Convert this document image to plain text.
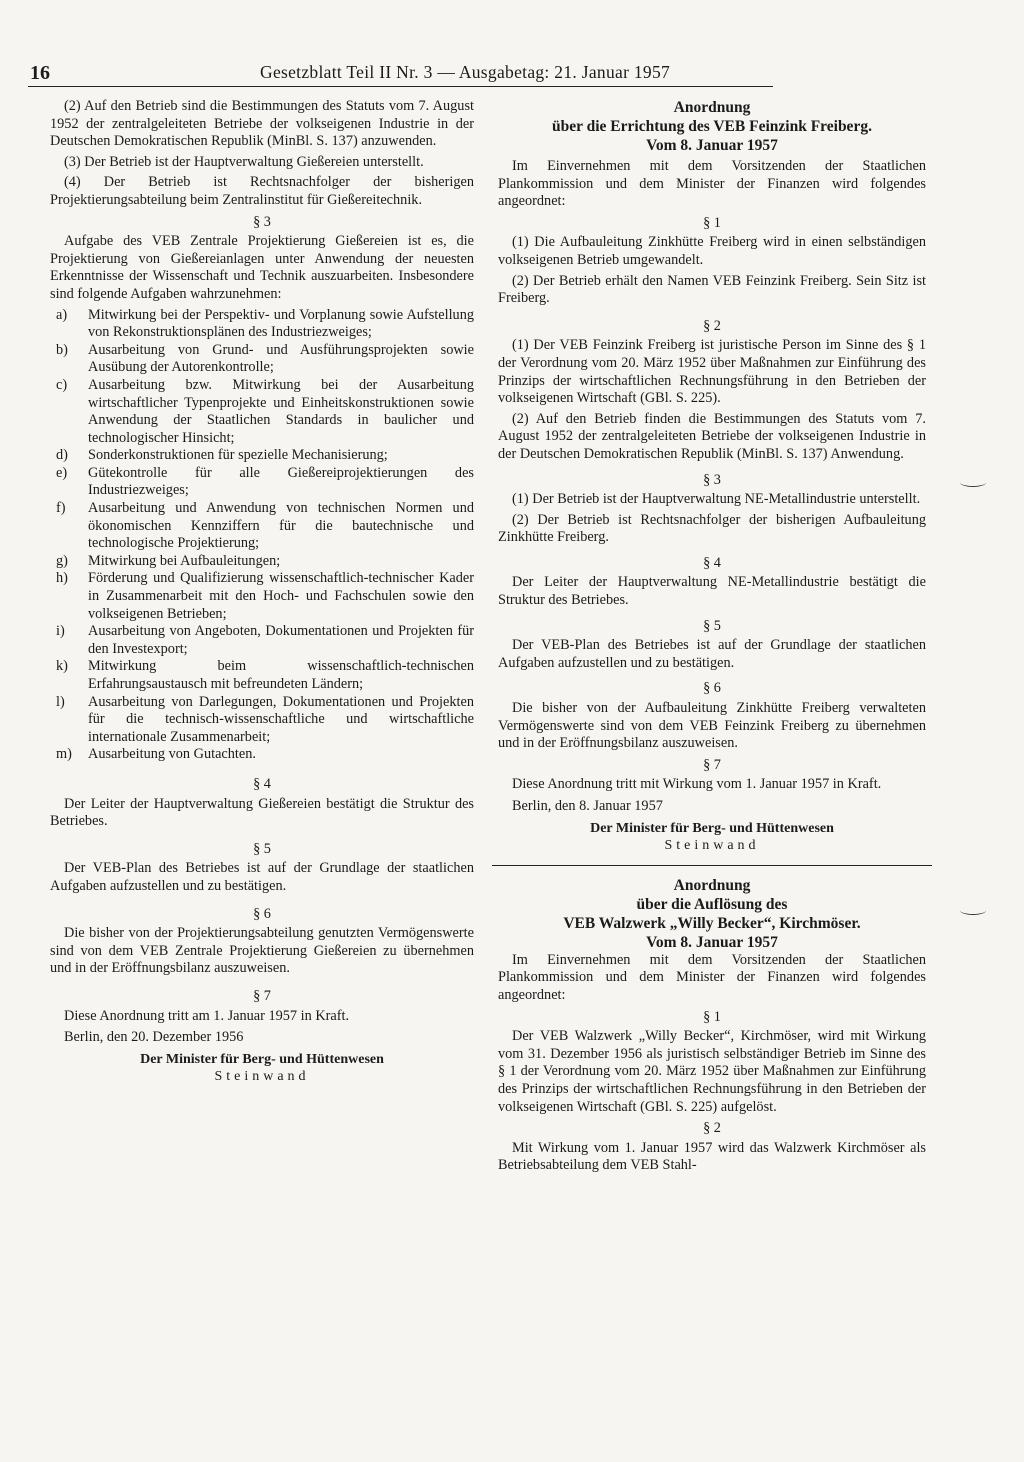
16	Gesetzblatt Teil II Nr. 3 — Ausgabetag: 21. Januar 1957

(2) Auf den Betrieb sind die Bestimmungen des Statuts vom 7. August 1952 der zentralgeleiteten Betriebe der volkseigenen Industrie in der Deutschen Demokratischen Republik (MinBl. S. 137) anzuwenden.

(3) Der Betrieb ist der Hauptverwaltung Gießereien unterstellt.

(4) Der Betrieb ist Rechtsnachfolger der bisherigen Projektierungsabteilung beim Zentralinstitut für Gießereitechnik.

§ 3

Aufgabe des VEB Zentrale Projektierung Gießereien ist es, die Projektierung von Gießereianlagen unter Anwendung der neuesten Erkenntnisse der Wissenschaft und Technik auszuarbeiten. Insbesondere sind folgende Aufgaben wahrzunehmen:

a) Mitwirkung bei der Perspektiv- und Vorplanung sowie Aufstellung von Rekonstruktionsplänen des Industriezweiges;
b) Ausarbeitung von Grund- und Ausführungsprojekten sowie Ausübung der Autorenkontrolle;
c) Ausarbeitung bzw. Mitwirkung bei der Ausarbeitung wirtschaftlicher Typenprojekte und Einheitskonstruktionen sowie Anwendung der Staatlichen Standards in baulicher und technologischer Hinsicht;
d) Sonderkonstruktionen für spezielle Mechanisierung;
e) Gütekontrolle für alle Gießereiprojektierungen des Industriezweiges;
f) Ausarbeitung und Anwendung von technischen Normen und ökonomischen Kennziffern für die bautechnische und technologische Projektierung;
g) Mitwirkung bei Aufbauleitungen;
h) Förderung und Qualifizierung wissenschaftlich-technischer Kader in Zusammenarbeit mit den Hoch- und Fachschulen sowie den volkseigenen Betrieben;
i) Ausarbeitung von Angeboten, Dokumentationen und Projekten für den Investexport;
k) Mitwirkung beim wissenschaftlich-technischen Erfahrungsaustausch mit befreundeten Ländern;
l) Ausarbeitung von Darlegungen, Dokumentationen und Projekten für die technisch-wissenschaftliche und wirtschaftliche internationale Zusammenarbeit;
m) Ausarbeitung von Gutachten.
§ 4

Der Leiter der Hauptverwaltung Gießereien bestätigt die Struktur des Betriebes.

§ 5

Der VEB-Plan des Betriebes ist auf der Grundlage der staatlichen Aufgaben aufzustellen und zu bestätigen.

§ 6

Die bisher von der Projektierungsabteilung genutzten Vermögenswerte sind von dem VEB Zentrale Projektierung Gießereien zu übernehmen und in der Eröffnungsbilanz auszuweisen.

§ 7

Diese Anordnung tritt am 1. Januar 1957 in Kraft.

Berlin, den 20. Dezember 1956

Der Minister für Berg- und Hüttenwesen
Steinwand
Anordnung
über die Errichtung des VEB Feinzink Freiberg.
Vom 8. Januar 1957

Im Einvernehmen mit dem Vorsitzenden der Staatlichen Plankommission und dem Minister der Finanzen wird folgendes angeordnet:

§ 1

(1) Die Aufbauleitung Zinkhütte Freiberg wird in einen selbständigen volkseigenen Betrieb umgewandelt.

(2) Der Betrieb erhält den Namen VEB Feinzink Freiberg. Sein Sitz ist Freiberg.

§ 2

(1) Der VEB Feinzink Freiberg ist juristische Person im Sinne des § 1 der Verordnung vom 20. März 1952 über Maßnahmen zur Einführung des Prinzips der wirtschaftlichen Rechnungsführung in den Betrieben der volkseigenen Wirtschaft (GBl. S. 225).

(2) Auf den Betrieb finden die Bestimmungen des Statuts vom 7. August 1952 der zentralgeleiteten Betriebe der volkseigenen Industrie in der Deutschen Demokratischen Republik (MinBl. S. 137) Anwendung.

§ 3

(1) Der Betrieb ist der Hauptverwaltung NE-Metallindustrie unterstellt.

(2) Der Betrieb ist Rechtsnachfolger der bisherigen Aufbauleitung Zinkhütte Freiberg.

§ 4

Der Leiter der Hauptverwaltung NE-Metallindustrie bestätigt die Struktur des Betriebes.

§ 5

Der VEB-Plan des Betriebes ist auf der Grundlage der staatlichen Aufgaben aufzustellen und zu bestätigen.

§ 6

Die bisher von der Aufbauleitung Zinkhütte Freiberg verwalteten Vermögenswerte sind von dem VEB Feinzink Freiberg zu übernehmen und in der Eröffnungsbilanz auszuweisen.

§ 7

Diese Anordnung tritt mit Wirkung vom 1. Januar 1957 in Kraft.

Berlin, den 8. Januar 1957

Der Minister für Berg- und Hüttenwesen
Steinwand
Anordnung
über die Auflösung des
VEB Walzwerk „Willy Becker“, Kirchmöser.
Vom 8. Januar 1957

Im Einvernehmen mit dem Vorsitzenden der Staatlichen Plankommission und dem Minister der Finanzen wird folgendes angeordnet:

§ 1

Der VEB Walzwerk „Willy Becker“, Kirchmöser, wird mit Wirkung vom 31. Dezember 1956 als juristisch selbständiger Betrieb im Sinne des § 1 der Verordnung vom 20. März 1952 über Maßnahmen zur Einführung des Prinzips der wirtschaftlichen Rechnungsführung in den Betrieben der volkseigenen Wirtschaft (GBl. S. 225) aufgelöst.

§ 2

Mit Wirkung vom 1. Januar 1957 wird das Walzwerk Kirchmöser als Betriebsabteilung dem VEB Stahl-
